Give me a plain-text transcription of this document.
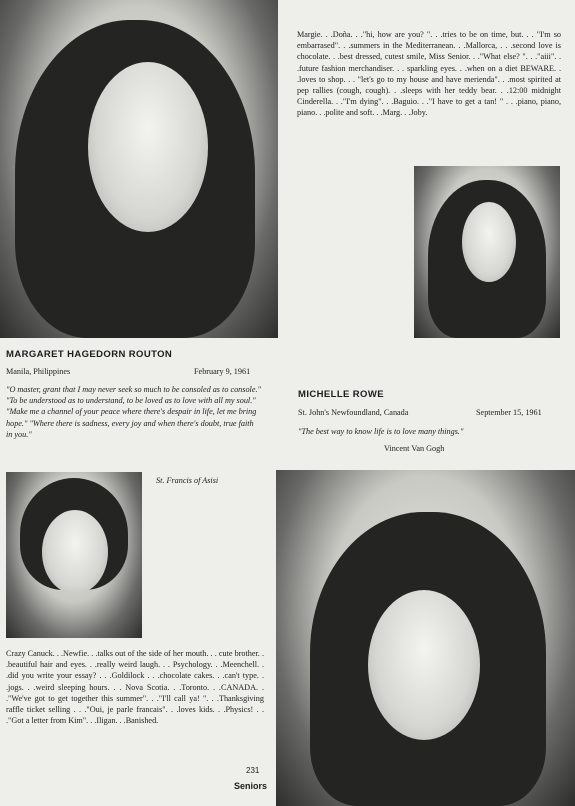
Margie. . .Doña. . ."hi, how are you? ". . .tries to be on time, but. . . "I'm so embarrased". . .summers in the Mediterranean. . .Mallorca, . . .second love is chocolate. . .best dressed, cutest smile, Miss Senior. . ."What else? ". . ."aiii". . .future fashion merchandiser. . . sparkling eyes. . .when on a diet BEWARE. . .loves to shop. . . "let's go to my house and have merienda". . .most spirited at pep rallies (cough, cough). . .sleeps with her teddy bear. . .12:00 midnight Cinderella. . ."I'm dying". . .Baguio. . ."I have to get a tan! " . . .piano, piano, piano. . .polite and soft. . .Marg. . .Joby.
MARGARET HAGEDORN ROUTON
Manila, Philippines	February 9, 1961
"O master, grant that I may never seek so much to be consoled as to console." "To be understood as to understand, to be loved as to love with all my soul." "Make me a channel of your peace where there's despair in life, let me bring hope." "Where there is sadness, every joy and when there's doubt, true faith in you."
St. Francis of Asisi
MICHELLE ROWE
St. John's Newfoundland, Canada	September 15, 1961
"The best way to know life is to love many things."
Vincent Van Gogh
Crazy Canuck. . .Newfie. . .talks out of the side of her mouth. . . cute brother. . .beautiful hair and eyes. . .really weird laugh. . . Psychology. . .Meenchell. . .did you write your essay? . . .Goldilock . . .chocolate cakes. . .can't type. . .jogs. . .weird sleeping hours. . . Nova Scotia. . .Toronto. . .CANADA. . ."We've got to get together this summer". . ."I'll call ya! ". . .Thanksgiving raffle ticket selling . . ."Oui, je parle francais". . .loves kids. . .Physics! . . ."Got a letter from Kim". . .Iligan. . .Banished.
231
Seniors
